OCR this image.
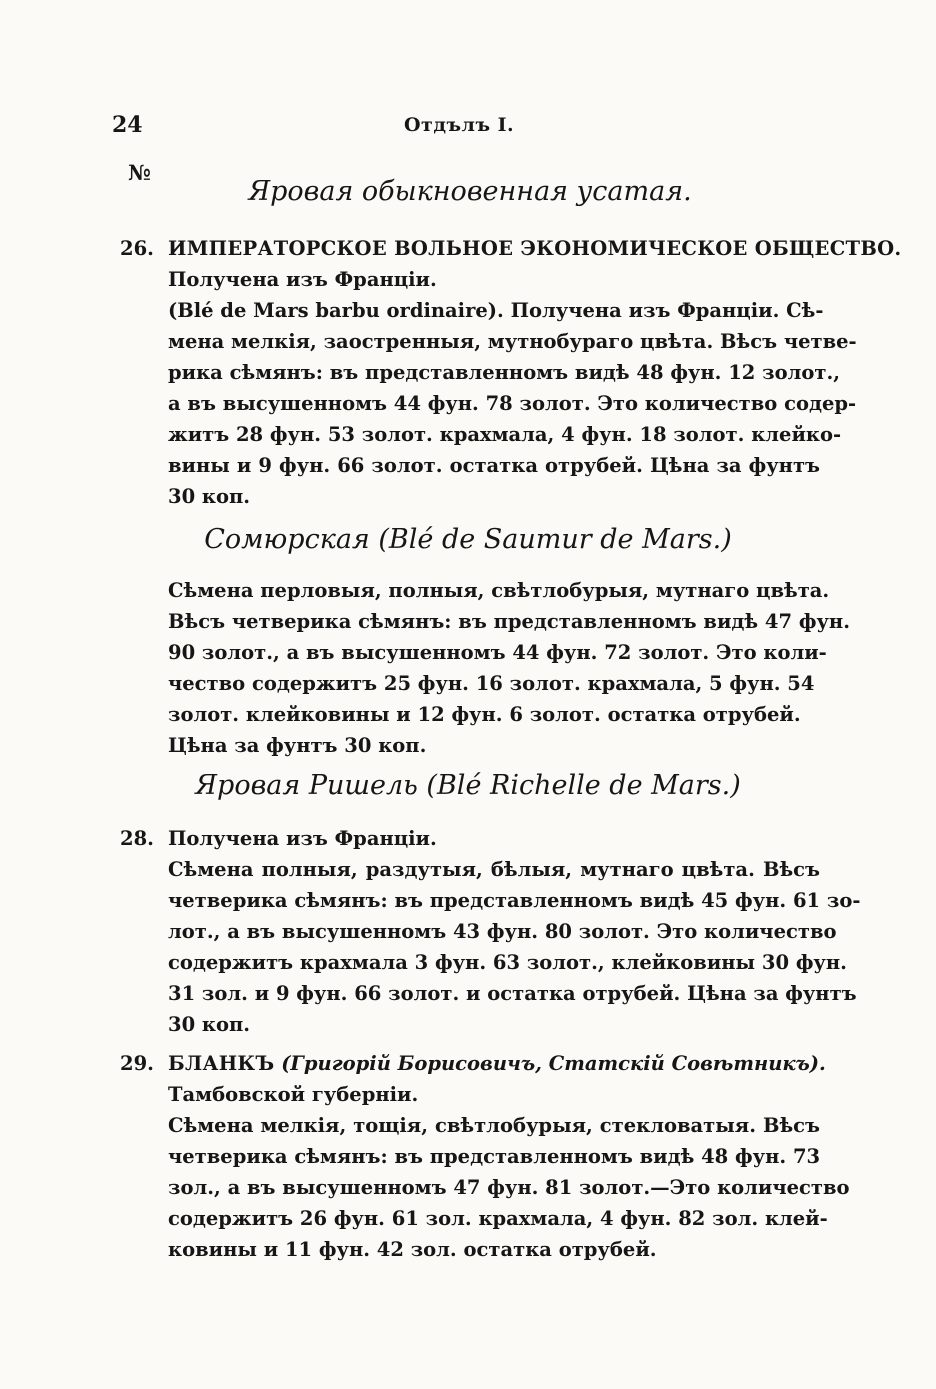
24	Отдълъ I.
№
Яровая обыкновенная усатая.
26. ИМПЕРАТОРСКОЕ ВОЛЬНОЕ ЭКОНОМИЧЕСКОЕ ОБЩЕСТВО.
Получена изъ Франціи.
(Blé de Mars barbu ordinaire). Получена изъ Франціи. Сѣ-
мена мелкія, заостренныя, мутнобураго цвѣта. Вѣсъ четве-
рика сѣмянъ: въ представленномъ видѣ 48 фун. 12 золот.,
а въ высушенномъ 44 фун. 78 золот. Это количество содер-
житъ 28 фун. 53 золот. крахмала, 4 фун. 18 золот. клейко-
вины и 9 фун. 66 золот. остатка отрубей. Цѣна за фунтъ
30 коп.
Сомюрская (Blé de Saumur de Mars.)
Сѣмена перловыя, полныя, свѣтлобурыя, мутнаго цвѣта.
Вѣсъ четверика сѣмянъ: въ представленномъ видѣ 47 фун.
90 золот., а въ высушенномъ 44 фун. 72 золот. Это коли-
чество содержитъ 25 фун. 16 золот. крахмала, 5 фун. 54
золот. клейковины и 12 фун. 6 золот. остатка отрубей.
Цѣна за фунтъ 30 коп.
Яровая Ришель (Blé Richelle de Mars.)
28. Получена изъ Франціи.
Сѣмена полныя, раздутыя, бѣлыя, мутнаго цвѣта. Вѣсъ
четверика сѣмянъ: въ представленномъ видѣ 45 фун. 61 зо-
лот., а въ высушенномъ 43 фун. 80 золот. Это количество
содержитъ крахмала 3 фун. 63 золот., клейковины 30 фун.
31 зол. и 9 фун. 66 золот. и остатка отрубей. Цѣна за фунтъ
30 коп.
29. БЛАНКЪ (Григорій Борисовичъ, Статскій Совѣтникъ).
Тамбовской губерніи.
Сѣмена мелкія, тощія, свѣтлобурыя, стекловатыя. Вѣсъ
четверика сѣмянъ: въ представленномъ видѣ 48 фун. 73
зол., а въ высушенномъ 47 фун. 81 золот.—Это количество
содержитъ 26 фун. 61 зол. крахмала, 4 фун. 82 зол. клей-
ковины и 11 фун. 42 зол. остатка отрубей.
